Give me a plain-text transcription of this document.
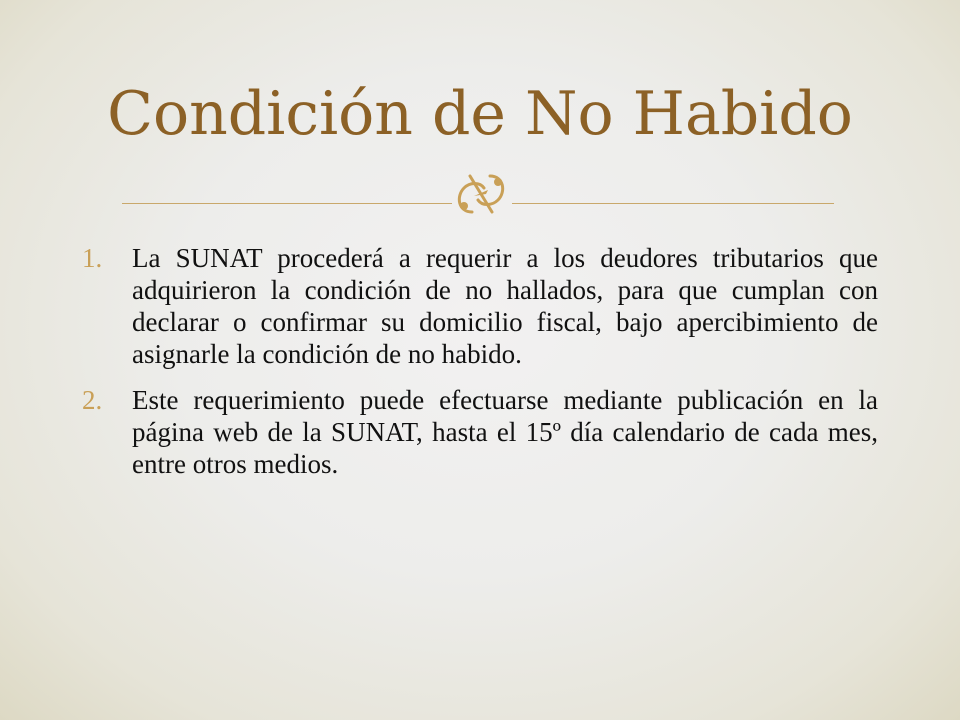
Condición de No Habido
1. La SUNAT procederá a requerir a los deudores tributarios que adquirieron la condición de no hallados, para que cumplan con declarar o confirmar su domicilio fiscal, bajo apercibimiento de asignarle la condición de no habido.
2. Este requerimiento puede efectuarse mediante publicación en la página web de la SUNAT, hasta el 15º día calendario de cada mes, entre otros medios.
